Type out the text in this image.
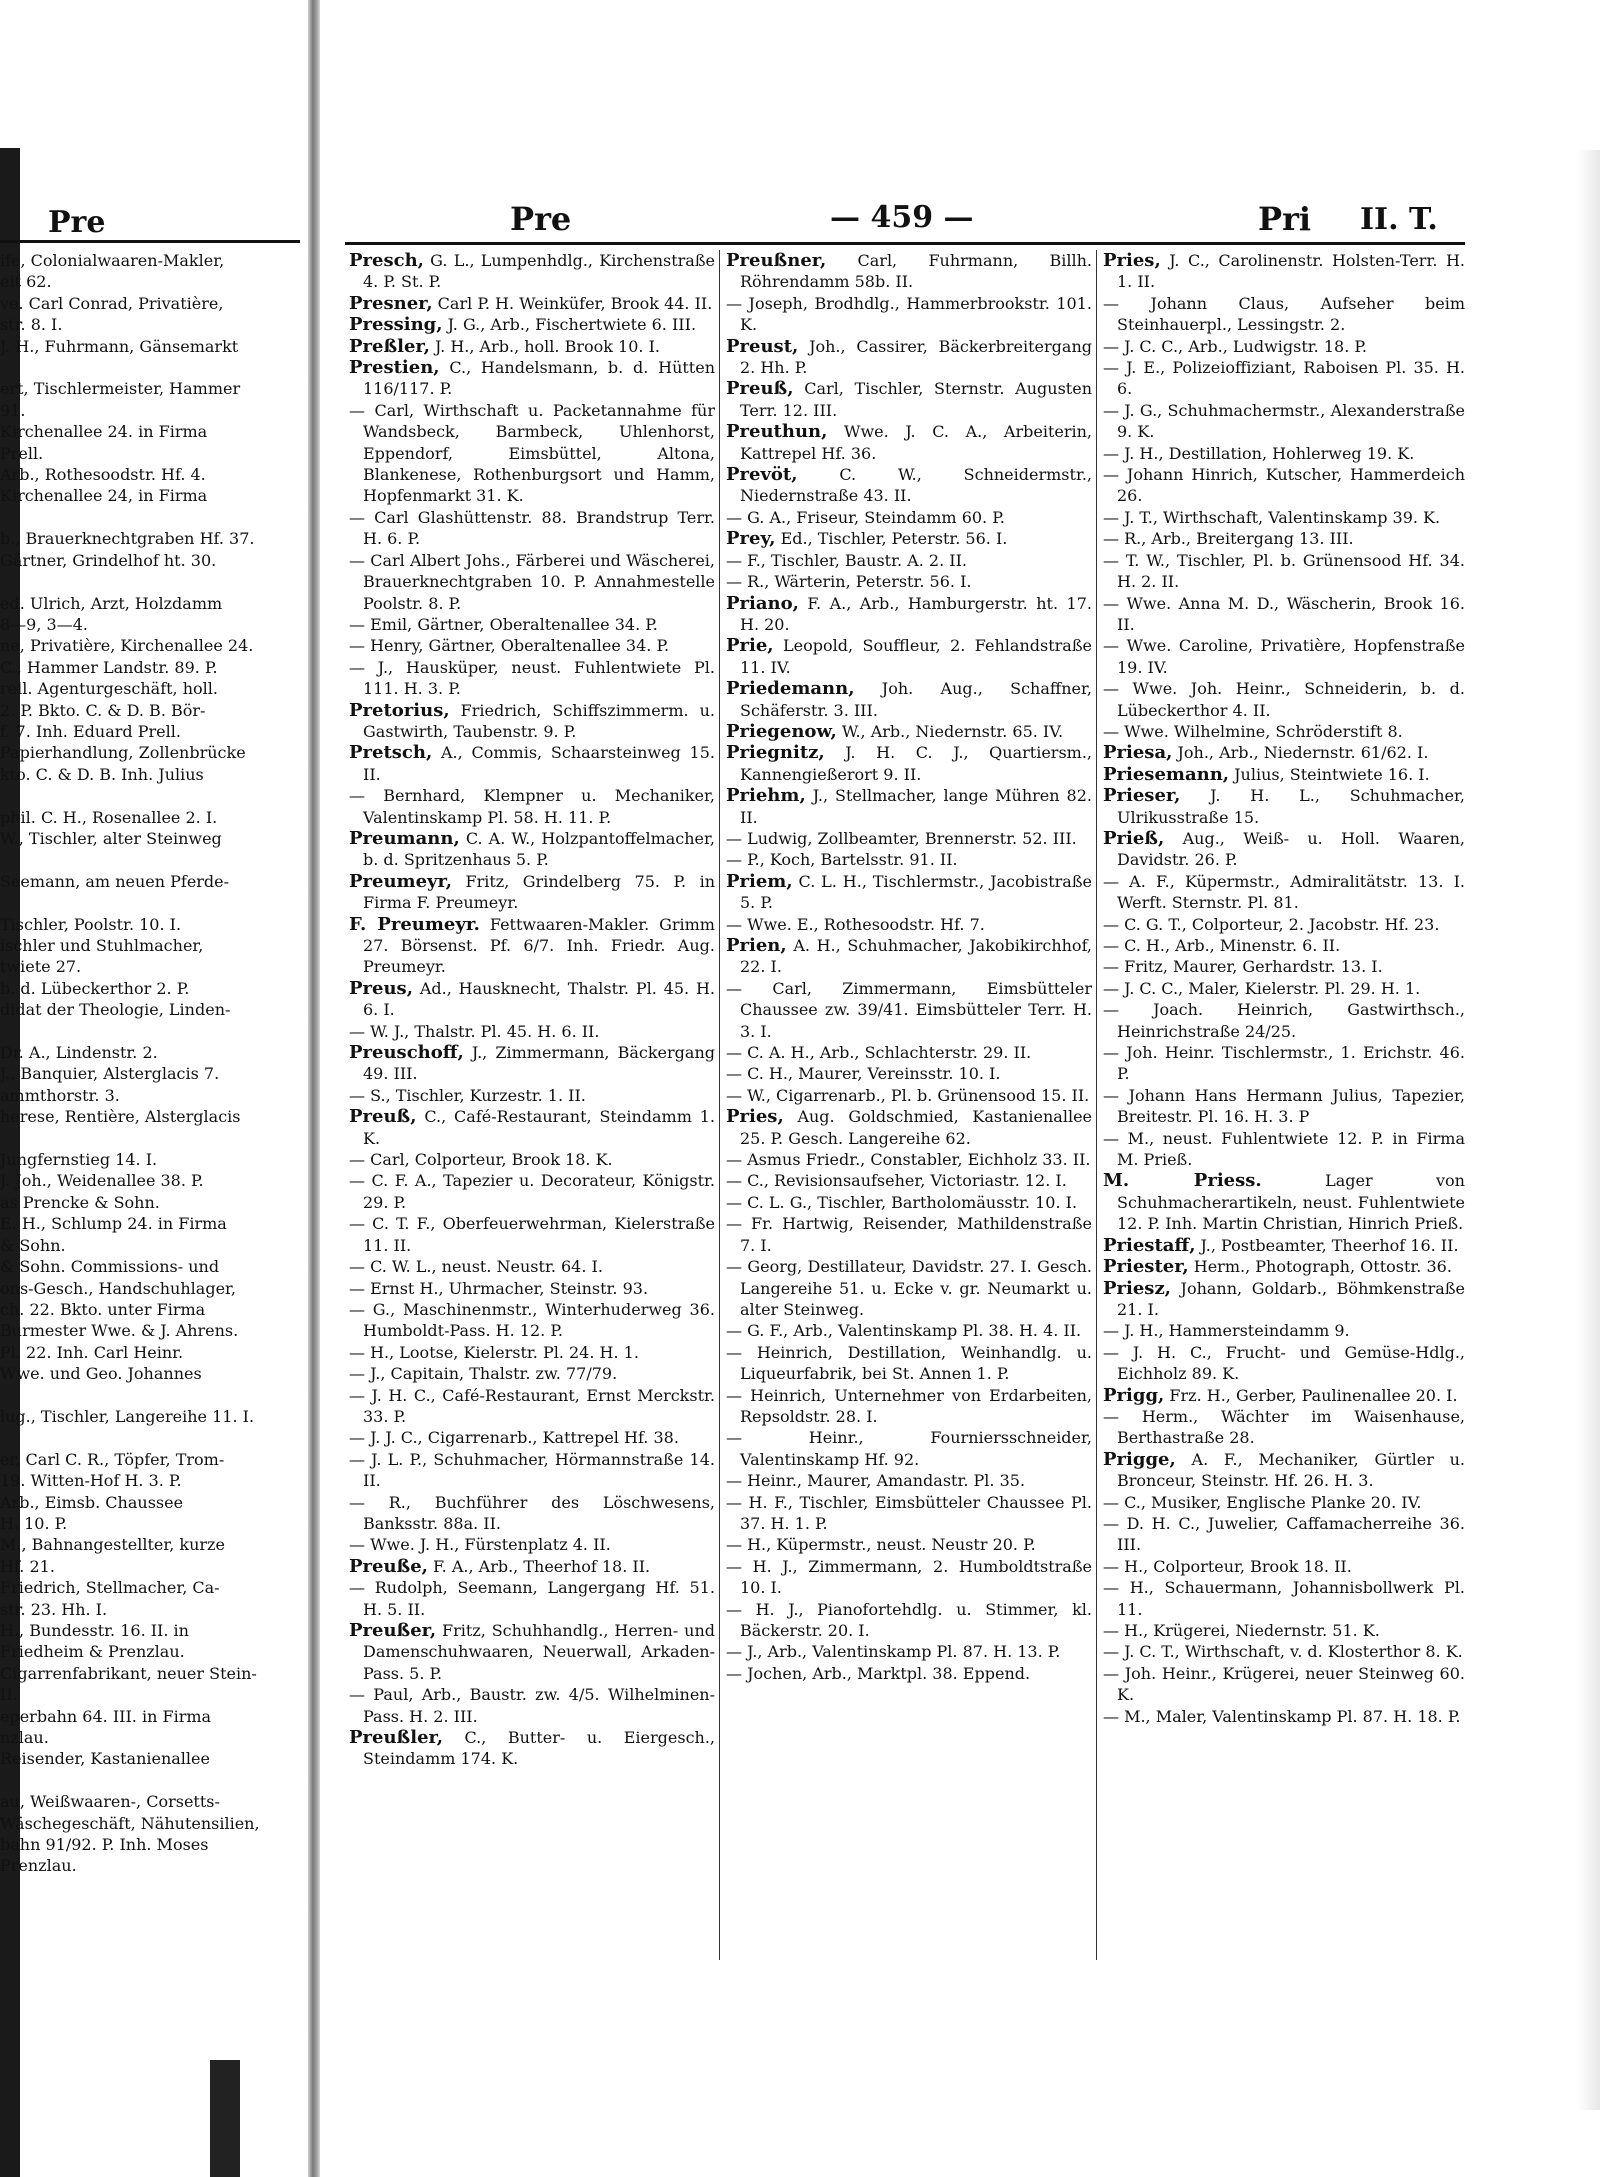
Pre

ife, Colonialwaaren-Makler,

eit 62.

ve. Carl Conrad, Privatière,

str. 8. I.

J. H., Fuhrmann, Gänsemarkt

ert, Tischlermeister, Hammer

91.

Kirchenallee 24. in Firma

Prell.

Arb., Rothesoodstr. Hf. 4.

Kirchenallee 24, in Firma

b., Brauerknechtgraben Hf. 37.

Gärtner, Grindelhof ht. 30.

ed. Ulrich, Arzt, Holzdamm

8—9, 3—4.

ne, Privatière, Kirchenallee 24.

C., Hammer Landstr. 89. P.

rell. Agenturgeschäft, holl.

2. P. Bkto. C. & D. B. Bör-

f. 7. Inh. Eduard Prell.

Papierhandlung, Zollenbrücke

kto. C. & D. B. Inh. Julius

phil. C. H., Rosenallee 2. I.

W., Tischler, alter Steinweg

Seemann, am neuen Pferde-

Tischler, Poolstr. 10. I.

ischler und Stuhlmacher,

twiete 27.

b. d. Lübeckerthor 2. P.

didat der Theologie, Linden-

Dr. A., Lindenstr. 2.

J., Banquier, Alsterglacis 7.

ammthorstr. 3.

herese, Rentière, Alsterglacis

Jungfernstieg 14. I.

J. Joh., Weidenallee 38. P.

as Prencke & Sohn.

E. H., Schlump 24. in Firma

& Sohn.

& Sohn. Commissions- und

ons-Gesch., Handschuhlager,

ch. 22. Bkto. unter Firma

Burmester Wwe. & J. Ahrens.

Pl. 22. Inh. Carl Heinr.

Wwe. und Geo. Johannes

lug., Tischler, Langereihe 11. I.

er, Carl C. R., Töpfer, Trom-

19. Witten-Hof H. 3. P.

Arb., Eimsb. Chaussee

H. 10. P.

M., Bahnangestellter, kurze

Hf. 21.

Friedrich, Stellmacher, Ca-

str. 23. Hh. I.

H., Bundesstr. 16. II. in

Friedheim & Prenzlau.

Cigarrenfabrikant, neuer Stein-

II.

eperbahn 64. III. in Firma

nzlau.

Reisender, Kastanienallee

au, Weißwaaren-, Corsetts-

Wäschegeschäft, Nähutensilien,

bahn 91/92. P. Inh. Moses

Prenzlau.

Pre	— 459 —	Pri II. T.

Presch, G. L., Lumpenhdlg., Kirchenstraße 4. P. St. P.

Presner, Carl P. H. Weinküfer, Brook 44. II.

Pressing, J. G., Arb., Fischertwiete 6. III.

Preßler, J. H., Arb., holl. Brook 10. I.

Prestien, C., Handelsmann, b. d. Hütten 116/117. P.

— Carl, Wirthschaft u. Packetannahme für Wandsbeck, Barmbeck, Uhlenhorst, Eppendorf, Eimsbüttel, Altona, Blankenese, Rothenburgsort und Hamm, Hopfenmarkt 31. K.

— Carl Glashüttenstr. 88. Brandstrup Terr. H. 6. P.

— Carl Albert Johs., Färberei und Wäscherei, Brauerknechtgraben 10. P. Annahmestelle Poolstr. 8. P.

— Emil, Gärtner, Oberaltenallee 34. P.

— Henry, Gärtner, Oberaltenallee 34. P.

— J., Hausküper, neust. Fuhlentwiete Pl. 111. H. 3. P.

Pretorius, Friedrich, Schiffszimmerm. u. Gastwirth, Taubenstr. 9. P.

Pretsch, A., Commis, Schaarsteinweg 15. II.

— Bernhard, Klempner u. Mechaniker, Valentinskamp Pl. 58. H. 11. P.

Preumann, C. A. W., Holzpantoffelmacher, b. d. Spritzenhaus 5. P.

Preumeyr, Fritz, Grindelberg 75. P. in Firma F. Preumeyr.

F. Preumeyr. Fettwaaren-Makler. Grimm 27. Börsenst. Pf. 6/7. Inh. Friedr. Aug. Preumeyr.

Preus, Ad., Hausknecht, Thalstr. Pl. 45. H. 6. I.

— W. J., Thalstr. Pl. 45. H. 6. II.

Preuschoff, J., Zimmermann, Bäckergang 49. III.

— S., Tischler, Kurzestr. 1. II.

Preuß, C., Café-Restaurant, Steindamm 1. K.

— Carl, Colporteur, Brook 18. K.

— C. F. A., Tapezier u. Decorateur, Königstr. 29. P.

— C. T. F., Oberfeuerwehrman, Kielerstraße 11. II.

— C. W. L., neust. Neustr. 64. I.

— Ernst H., Uhrmacher, Steinstr. 93.

— G., Maschinenmstr., Winterhuderweg 36. Humboldt-Pass. H. 12. P.

— H., Lootse, Kielerstr. Pl. 24. H. 1.

— J., Capitain, Thalstr. zw. 77/79.

— J. H. C., Café-Restaurant, Ernst Merckstr. 33. P.

— J. J. C., Cigarrenarb., Kattrepel Hf. 38.

— J. L. P., Schuhmacher, Hörmannstraße 14. II.

— R., Buchführer des Löschwesens, Banksstr. 88a. II.

— Wwe. J. H., Fürstenplatz 4. II.

Preuße, F. A., Arb., Theerhof 18. II.

— Rudolph, Seemann, Langergang Hf. 51. H. 5. II.

Preußer, Fritz, Schuhhandlg., Herren- und Damenschuhwaaren, Neuerwall, Arkaden-Pass. 5. P.

— Paul, Arb., Baustr. zw. 4/5. Wilhelminen-Pass. H. 2. III.

Preußler, C., Butter- u. Eiergesch., Steindamm 174. K.

Preußner, Carl, Fuhrmann, Billh. Röhrendamm 58b. II.

— Joseph, Brodhdlg., Hammerbrookstr. 101. K.

Preust, Joh., Cassirer, Bäckerbreitergang 2. Hh. P.

Preuß, Carl, Tischler, Sternstr. Augusten Terr. 12. III.

Preuthun, Wwe. J. C. A., Arbeiterin, Kattrepel Hf. 36.

Prevöt, C. W., Schneidermstr., Niedernstraße 43. II.

— G. A., Friseur, Steindamm 60. P.

Prey, Ed., Tischler, Peterstr. 56. I.

— F., Tischler, Baustr. A. 2. II.

— R., Wärterin, Peterstr. 56. I.

Priano, F. A., Arb., Hamburgerstr. ht. 17. H. 20.

Prie, Leopold, Souffleur, 2. Fehlandstraße 11. IV.

Priedemann, Joh. Aug., Schaffner, Schäferstr. 3. III.

Priegenow, W., Arb., Niedernstr. 65. IV.

Priegnitz, J. H. C. J., Quartiersm., Kannengießerort 9. II.

Priehm, J., Stellmacher, lange Mühren 82. II.

— Ludwig, Zollbeamter, Brennerstr. 52. III.

— P., Koch, Bartelsstr. 91. II.

Priem, C. L. H., Tischlermstr., Jacobistraße 5. P.

— Wwe. E., Rothesoodstr. Hf. 7.

Prien, A. H., Schuhmacher, Jakobikirchhof, 22. I.

— Carl, Zimmermann, Eimsbütteler Chaussee zw. 39/41. Eimsbütteler Terr. H. 3. I.

— C. A. H., Arb., Schlachterstr. 29. II.

— C. H., Maurer, Vereinsstr. 10. I.

— W., Cigarrenarb., Pl. b. Grünensood 15. II.

Pries, Aug. Goldschmied, Kastanienallee 25. P. Gesch. Langereihe 62.

— Asmus Friedr., Constabler, Eichholz 33. II.

— C., Revisionsaufseher, Victoriastr. 12. I.

— C. L. G., Tischler, Bartholomäusstr. 10. I.

— Fr. Hartwig, Reisender, Mathildenstraße 7. I.

— Georg, Destillateur, Davidstr. 27. I. Gesch. Langereihe 51. u. Ecke v. gr. Neumarkt u. alter Steinweg.

— G. F., Arb., Valentinskamp Pl. 38. H. 4. II.

— Heinrich, Destillation, Weinhandlg. u. Liqueurfabrik, bei St. Annen 1. P.

— Heinrich, Unternehmer von Erdarbeiten, Repsoldstr. 28. I.

— Heinr., Fourniersschneider, Valentinskamp Hf. 92.

— Heinr., Maurer, Amandastr. Pl. 35.

— H. F., Tischler, Eimsbütteler Chaussee Pl. 37. H. 1. P.

— H., Küpermstr., neust. Neustr 20. P.

— H. J., Zimmermann, 2. Humboldtstraße 10. I.

— H. J., Pianofortehdlg. u. Stimmer, kl. Bäckerstr. 20. I.

— J., Arb., Valentinskamp Pl. 87. H. 13. P.

— Jochen, Arb., Marktpl. 38. Eppend.

Pries, J. C., Carolinenstr. Holsten-Terr. H. 1. II.

— Johann Claus, Aufseher beim Steinhauerpl., Lessingstr. 2.

— J. C. C., Arb., Ludwigstr. 18. P.

— J. E., Polizeioffiziant, Raboisen Pl. 35. H. 6.

— J. G., Schuhmachermstr., Alexanderstraße 9. K.

— J. H., Destillation, Hohlerweg 19. K.

— Johann Hinrich, Kutscher, Hammerdeich 26.

— J. T., Wirthschaft, Valentinskamp 39. K.

— R., Arb., Breitergang 13. III.

— T. W., Tischler, Pl. b. Grünensood Hf. 34. H. 2. II.

— Wwe. Anna M. D., Wäscherin, Brook 16. II.

— Wwe. Caroline, Privatière, Hopfenstraße 19. IV.

— Wwe. Joh. Heinr., Schneiderin, b. d. Lübeckerthor 4. II.

— Wwe. Wilhelmine, Schröderstift 8.

Priesa, Joh., Arb., Niedernstr. 61/62. I.

Priesemann, Julius, Steintwiete 16. I.

Prieser, J. H. L., Schuhmacher, Ulrikusstraße 15.

Prieß, Aug., Weiß- u. Holl. Waaren, Davidstr. 26. P.

— A. F., Küpermstr., Admiralitätstr. 13. I. Werft. Sternstr. Pl. 81.

— C. G. T., Colporteur, 2. Jacobstr. Hf. 23.

— C. H., Arb., Minenstr. 6. II.

— Fritz, Maurer, Gerhardstr. 13. I.

— J. C. C., Maler, Kielerstr. Pl. 29. H. 1.

— Joach. Heinrich, Gastwirthsch., Heinrichstraße 24/25.

— Joh. Heinr. Tischlermstr., 1. Erichstr. 46. P.

— Johann Hans Hermann Julius, Tapezier, Breitestr. Pl. 16. H. 3. P

— M., neust. Fuhlentwiete 12. P. in Firma M. Prieß.

M. Priess. Lager von Schuhmacherartikeln, neust. Fuhlentwiete 12. P. Inh. Martin Christian, Hinrich Prieß.

Priestaff, J., Postbeamter, Theerhof 16. II.

Priester, Herm., Photograph, Ottostr. 36.

Priesz, Johann, Goldarb., Böhmkenstraße 21. I.

— J. H., Hammersteindamm 9.

— J. H. C., Frucht- und Gemüse-Hdlg., Eichholz 89. K.

Prigg, Frz. H., Gerber, Paulinenallee 20. I.

— Herm., Wächter im Waisenhause, Berthastraße 28.

Prigge, A. F., Mechaniker, Gürtler u. Bronceur, Steinstr. Hf. 26. H. 3.

— C., Musiker, Englische Planke 20. IV.

— D. H. C., Juwelier, Caffamacherreihe 36. III.

— H., Colporteur, Brook 18. II.

— H., Schauermann, Johannisbollwerk Pl. 11.

— H., Krügerei, Niedernstr. 51. K.

— J. C. T., Wirthschaft, v. d. Klosterthor 8. K.

— Joh. Heinr., Krügerei, neuer Steinweg 60. K.

— M., Maler, Valentinskamp Pl. 87. H. 18. P.
